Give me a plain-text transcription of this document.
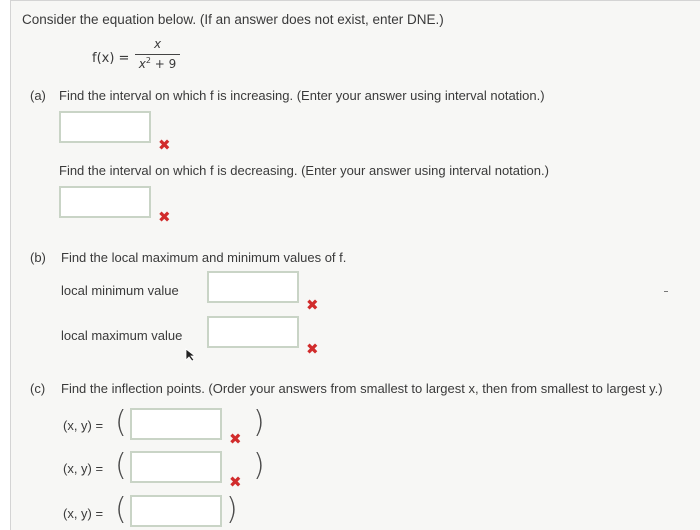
Consider the equation below. (If an answer does not exist, enter DNE.)
f(x) =
x
$x^2 + 9$
(a) Find the interval on which f is increasing. (Enter your answer using interval notation.)
✖
Find the interval on which f is decreasing. (Enter your answer using interval notation.)
✖
(b) Find the local maximum and minimum values of f.
local minimum value
✖
local maximum value
✖
(c) Find the inflection points. (Order your answers from smallest to largest x, then from smallest to largest y.)
(x, y) = (	✖ )
(x, y) = (	✖ )
(x, y) = (	)
